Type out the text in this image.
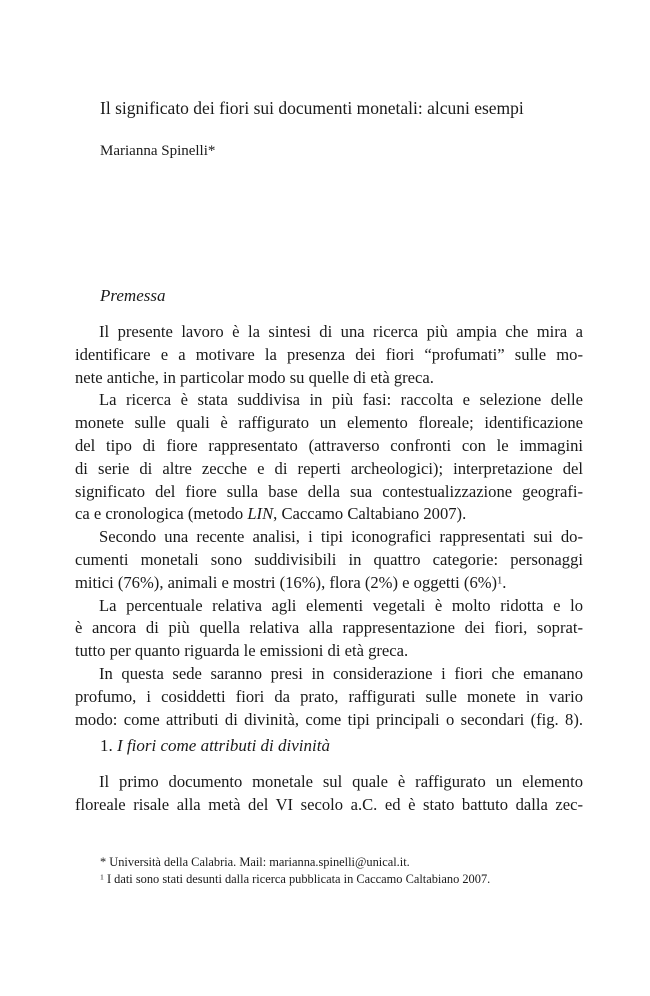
Il significato dei fiori sui documenti monetali: alcuni esempi
Marianna Spinelli*
Premessa
Il presente lavoro è la sintesi di una ricerca più ampia che mira a
identificare e a motivare la presenza dei fiori “profumati” sulle mo-
nete antiche, in particolar modo su quelle di età greca.
La ricerca è stata suddivisa in più fasi: raccolta e selezione delle
monete sulle quali è raffigurato un elemento floreale; identificazione
del tipo di fiore rappresentato (attraverso confronti con le immagini
di serie di altre zecche e di reperti archeologici); interpretazione del
significato del fiore sulla base della sua contestualizzazione geografi-
ca e cronologica (metodo LIN, Caccamo Caltabiano 2007).
Secondo una recente analisi, i tipi iconografici rappresentati sui do-
cumenti monetali sono suddivisibili in quattro categorie: personaggi
mitici (76%), animali e mostri (16%), flora (2%) e oggetti $(6\%)^1$.
La percentuale relativa agli elementi vegetali è molto ridotta e lo
è ancora di più quella relativa alla rappresentazione dei fiori, soprat-
tutto per quanto riguarda le emissioni di età greca.
In questa sede saranno presi in considerazione i fiori che emanano
profumo, i cosiddetti fiori da prato, raffigurati sulle monete in vario
modo: come attributi di divinità, come tipi principali o secondari (fig. 8).
1. I fiori come attributi di divinità
Il primo documento monetale sul quale è raffigurato un elemento
floreale risale alla metà del VI secolo a.C. ed è stato battuto dalla zec-
* Università della Calabria. Mail: marianna.spinelli@unical.it.
$^1$ I dati sono stati desunti dalla ricerca pubblicata in Caccamo Caltabiano 2007.
